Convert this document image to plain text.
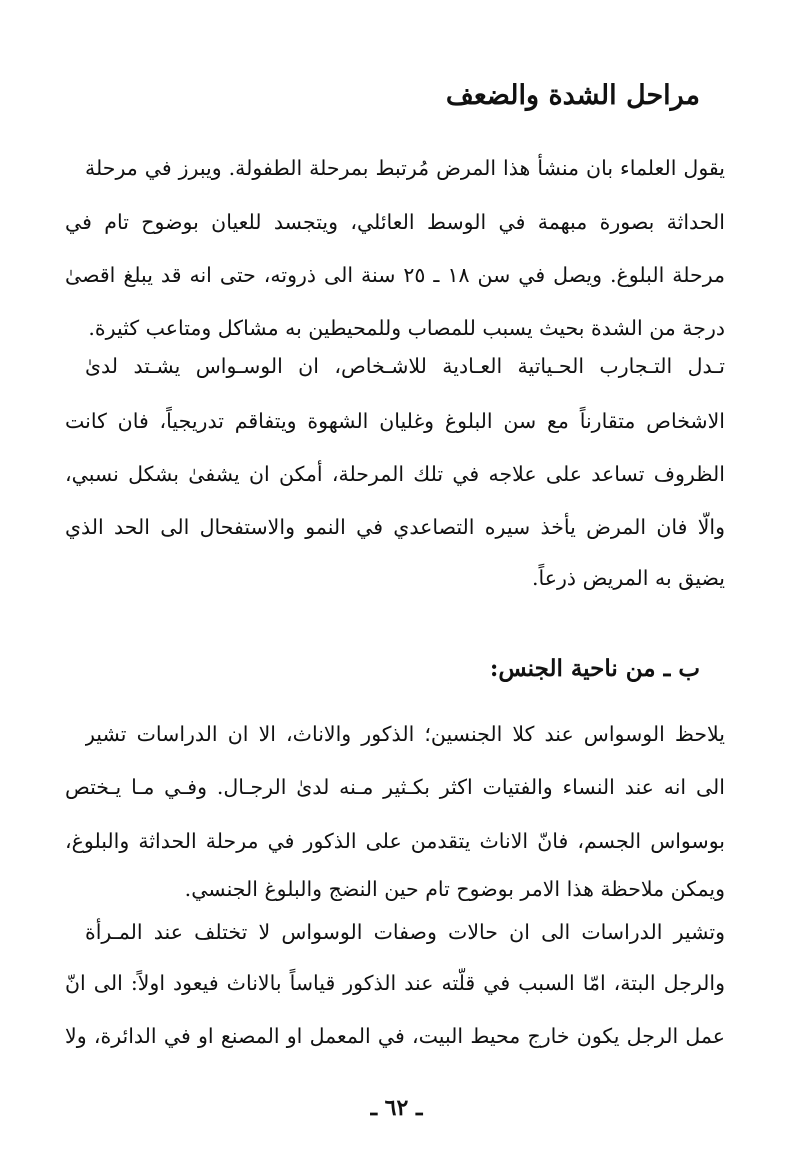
مراحل الشدة والضعف
يقول العلماء بان منشأ هذا المرض مُرتبط بمرحلة الطفولة. ويبرز في مرحلة
الحداثة بصورة مبهمة في الوسط العائلي، ويتجسد للعيان بوضوح تام في
مرحلة البلوغ. ويصل في سن ١٨ ـ ٢٥ سنة الى ذروته، حتى انه قد يبلغ اقصىٰ
درجة من الشدة بحيث يسبب للمصاب وللمحيطين به مشاكل ومتاعب كثيرة.
تـدل التـجارب الحـياتية العـادية للاشـخاص، ان الوسـواس يشـتد لدىٰ
الاشخاص متقارناً مع سن البلوغ وغليان الشهوة ويتفاقم تدريجياً، فان كانت
الظروف تساعد على علاجه في تلك المرحلة، أمكن ان يشفىٰ بشكل نسبي،
والّا فان المرض يأخذ سيره التصاعدي في النمو والاستفحال الى الحد الذي
يضيق به المريض ذرعاً.
ب ـ من ناحية الجنس:
يلاحظ الوسواس عند كلا الجنسين؛ الذكور والاناث، الا ان الدراسات تشير
الى انه عند النساء والفتيات اكثر بكـثير مـنه لدىٰ الرجـال. وفـي مـا يـختص
بوسواس الجسم، فانّ الاناث يتقدمن على الذكور في مرحلة الحداثة والبلوغ،
ويمكن ملاحظة هذا الامر بوضوح تام حين النضج والبلوغ الجنسي.
وتشير الدراسات الى ان حالات وصفات الوسواس لا تختلف عند المـرأة
والرجل البتة، امّا السبب في قلّته عند الذكور قياساً بالاناث فيعود اولاً: الى انّ
عمل الرجل يكون خارج محيط البيت، في المعمل او المصنع او في الدائرة، ولا
ـ ٦٢ ـ
